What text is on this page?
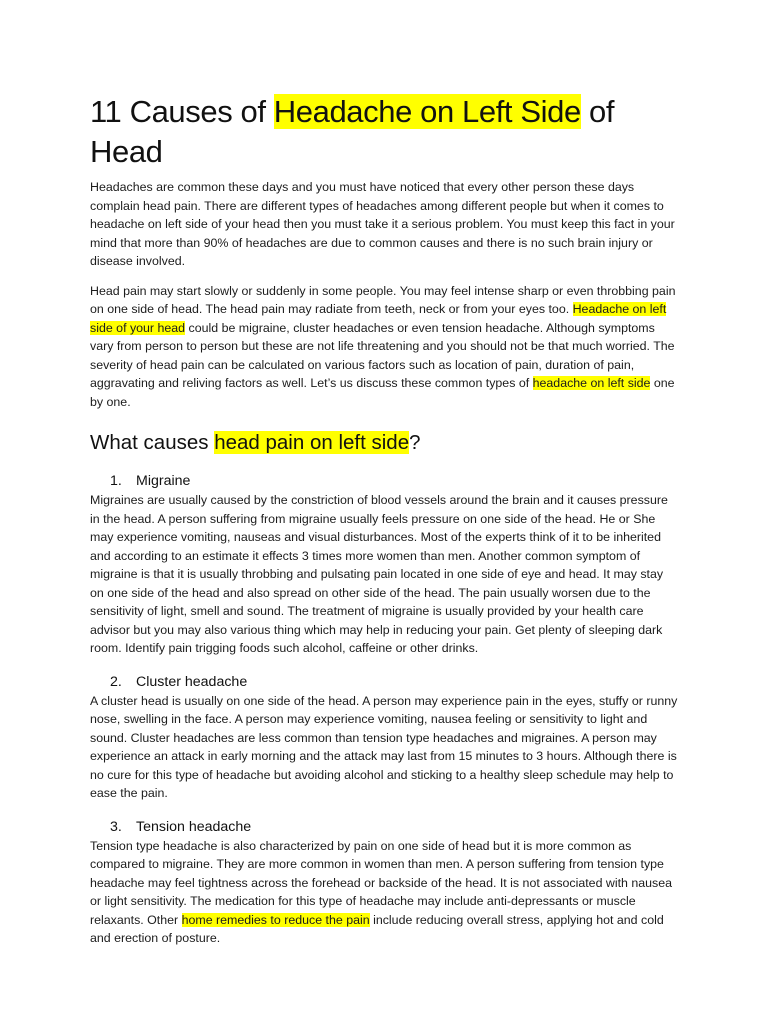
11 Causes of Headache on Left Side of Head

Headaches are common these days and you must have noticed that every other person these days complain head pain. There are different types of headaches among different people but when it comes to headache on left side of your head then you must take it a serious problem. You must keep this fact in your mind that more than 90% of headaches are due to common causes and there is no such brain injury or disease involved.

Head pain may start slowly or suddenly in some people. You may feel intense sharp or even throbbing pain on one side of head. The head pain may radiate from teeth, neck or from your eyes too. Headache on left side of your head could be migraine, cluster headaches or even tension headache. Although symptoms vary from person to person but these are not life threatening and you should not be that much worried. The severity of head pain can be calculated on various factors such as location of pain, duration of pain, aggravating and reliving factors as well. Let’s us discuss these common types of headache on left side one by one.

What causes head pain on left side?
1. Migraine

Migraines are usually caused by the constriction of blood vessels around the brain and it causes pressure in the head. A person suffering from migraine usually feels pressure on one side of the head. He or She may experience vomiting, nauseas and visual disturbances. Most of the experts think of it to be inherited and according to an estimate it effects 3 times more women than men. Another common symptom of migraine is that it is usually throbbing and pulsating pain located in one side of eye and head. It may stay on one side of the head and also spread on other side of the head. The pain usually worsen due to the sensitivity of light, smell and sound. The treatment of migraine is usually provided by your health care advisor but you may also various thing which may help in reducing your pain. Get plenty of sleeping dark room. Identify pain trigging foods such alcohol, caffeine or other drinks.

2. Cluster headache

A cluster head is usually on one side of the head. A person may experience pain in the eyes, stuffy or runny nose, swelling in the face. A person may experience vomiting, nausea feeling or sensitivity to light and sound. Cluster headaches are less common than tension type headaches and migraines. A person may experience an attack in early morning and the attack may last from 15 minutes to 3 hours. Although there is no cure for this type of headache but avoiding alcohol and sticking to a healthy sleep schedule may help to ease the pain.

3. Tension headache

Tension type headache is also characterized by pain on one side of head but it is more common as compared to migraine. They are more common in women than men. A person suffering from tension type headache may feel tightness across the forehead or backside of the head. It is not associated with nausea or light sensitivity. The medication for this type of headache may include anti-depressants or muscle relaxants. Other home remedies to reduce the pain include reducing overall stress, applying hot and cold and erection of posture.
